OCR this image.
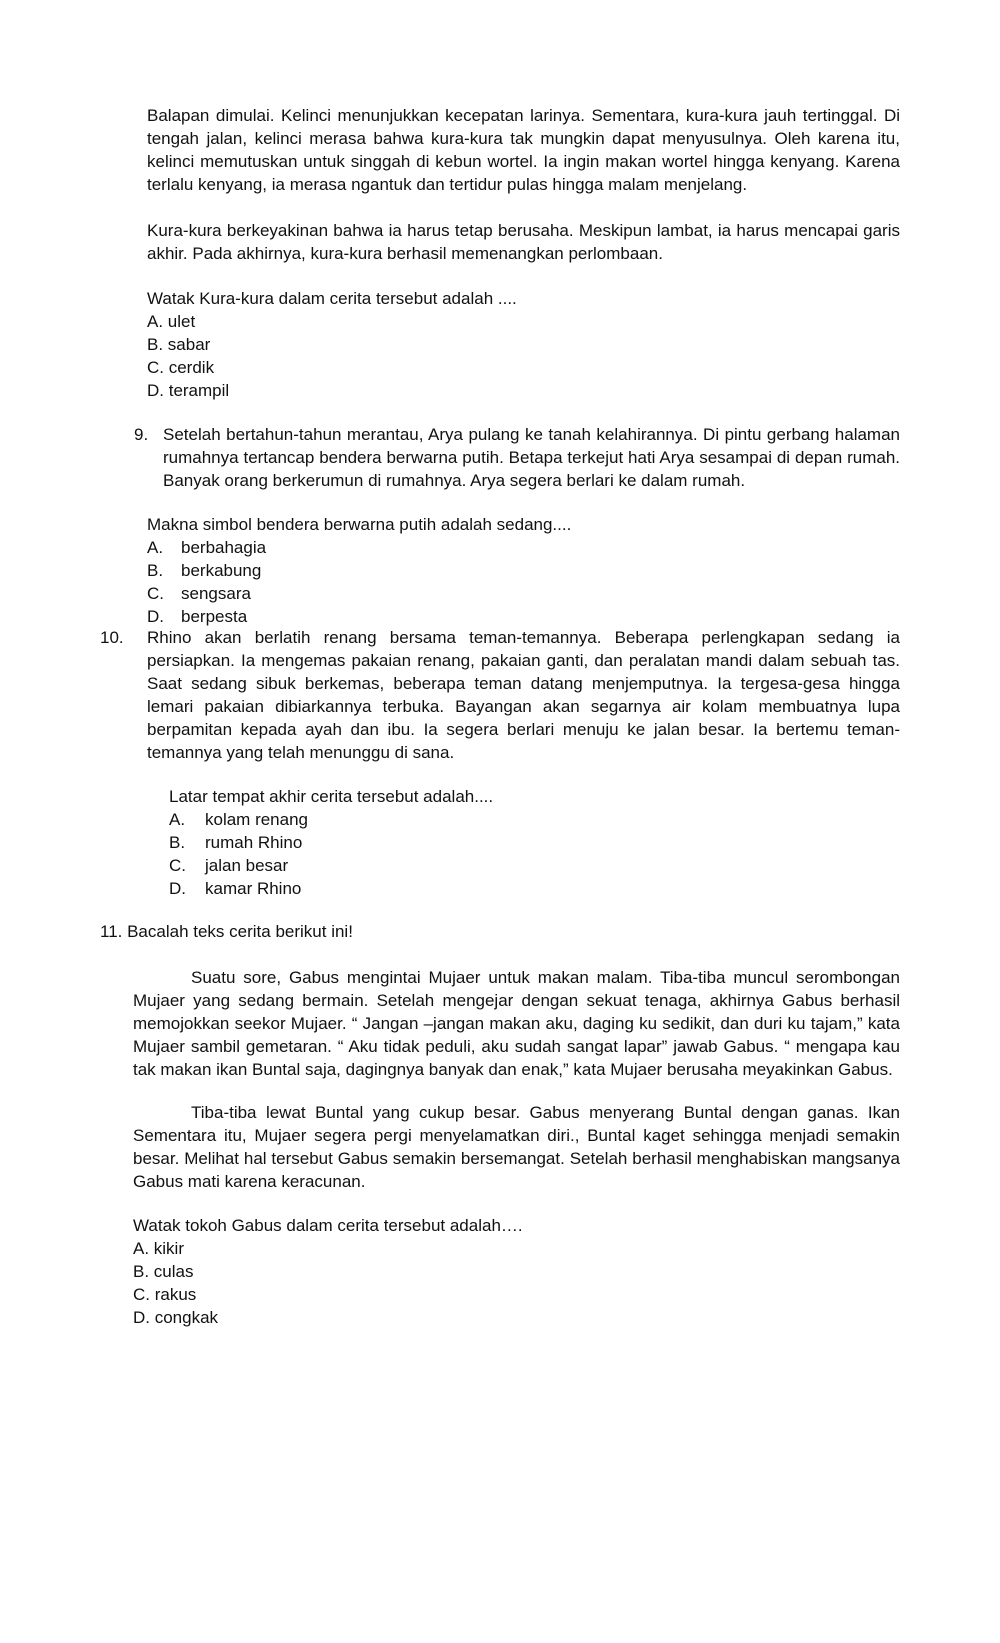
Balapan dimulai. Kelinci menunjukkan kecepatan larinya. Sementara, kura-kura jauh tertinggal. Di tengah jalan, kelinci merasa bahwa kura-kura tak mungkin dapat menyusulnya. Oleh karena itu, kelinci memutuskan untuk singgah di kebun wortel. Ia ingin makan wortel hingga kenyang. Karena terlalu kenyang, ia merasa ngantuk dan tertidur pulas hingga malam menjelang.

Kura-kura berkeyakinan bahwa ia harus tetap berusaha. Meskipun lambat, ia harus mencapai garis akhir. Pada akhirnya, kura-kura berhasil memenangkan perlombaan.

Watak Kura-kura dalam cerita tersebut adalah ....
A. ulet
B. sabar
C. cerdik
D. terampil
9. Setelah bertahun-tahun merantau, Arya pulang ke tanah kelahirannya. Di pintu gerbang halaman rumahnya tertancap bendera berwarna putih. Betapa terkejut hati Arya sesampai di depan rumah. Banyak orang berkerumun di rumahnya. Arya segera berlari ke dalam rumah.

Makna simbol bendera berwarna putih adalah sedang....
A. berbahagia
B. berkabung
C. sengsara
D. berpesta
10. Rhino akan berlatih renang bersama teman-temannya. Beberapa perlengkapan sedang ia persiapkan. Ia mengemas pakaian renang, pakaian ganti, dan peralatan mandi dalam sebuah tas. Saat sedang sibuk berkemas, beberapa teman datang menjemputnya. Ia tergesa-gesa hingga lemari pakaian dibiarkannya terbuka. Bayangan akan segarnya air kolam membuatnya lupa berpamitan kepada ayah dan ibu. Ia segera berlari menuju ke jalan besar. Ia bertemu teman-temannya yang telah menunggu di sana.

Latar tempat akhir cerita tersebut adalah....
A. kolam renang
B. rumah Rhino
C. jalan besar
D. kamar Rhino

11. Bacalah teks cerita berikut ini!

Suatu sore, Gabus mengintai Mujaer untuk makan malam. Tiba-tiba muncul serombongan Mujaer yang sedang bermain. Setelah mengejar dengan sekuat tenaga, akhirnya Gabus berhasil memojokkan seekor Mujaer. “ Jangan –jangan makan aku, daging ku sedikit, dan duri ku tajam,” kata Mujaer sambil gemetaran. “ Aku tidak peduli, aku sudah sangat lapar” jawab Gabus. “ mengapa kau tak makan ikan Buntal saja, dagingnya banyak dan enak,” kata Mujaer berusaha meyakinkan Gabus.

Tiba-tiba lewat Buntal yang cukup besar. Gabus menyerang Buntal dengan ganas. Ikan Sementara itu, Mujaer segera pergi menyelamatkan diri., Buntal kaget sehingga menjadi semakin besar. Melihat hal tersebut Gabus semakin bersemangat. Setelah berhasil menghabiskan mangsanya Gabus mati karena keracunan.

Watak tokoh Gabus dalam cerita tersebut adalah….
A. kikir
B. culas
C. rakus
D. congkak
